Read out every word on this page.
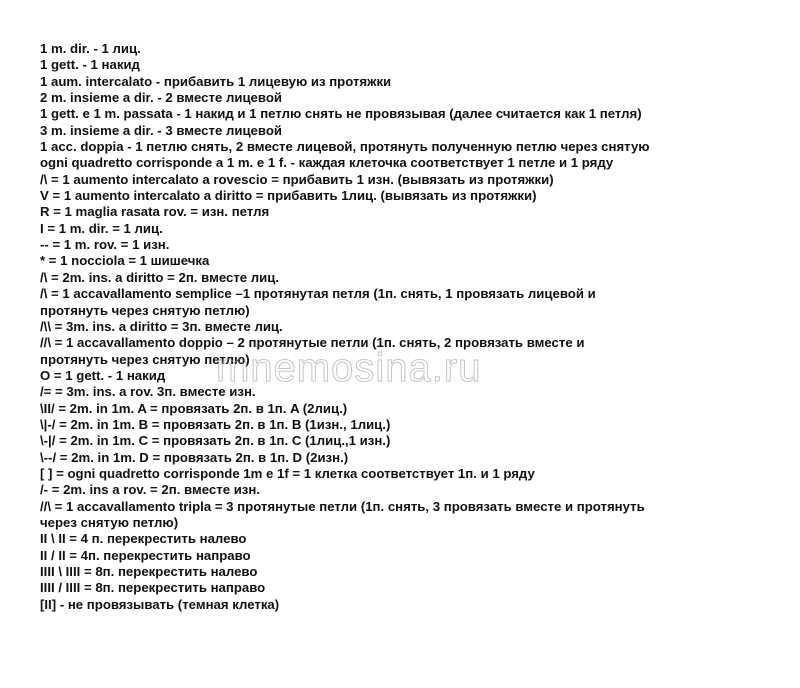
1 m. dir. - 1 лиц.
1 gett. - 1 накид
1 aum. intercalato - прибавить 1 лицевую из протяжки
2 m. insieme a dir. - 2 вместе лицевой
1 gett. e 1 m. passata - 1 накид и 1 петлю снять не провязывая (далее считается как 1 петля)
3 m. insieme a dir. - 3 вместе лицевой
1 acc. doppia - 1 петлю снять, 2 вместе лицевой, протянуть полученную петлю через снятую
ogni quadretto corrisponde a 1 m. e 1 f. - каждая клеточка соответствует 1 петле и 1 ряду
/\ = 1 aumento intercalato a rovescio = прибавить 1 изн. (вывязать из протяжки)
V = 1 aumento intercalato a diritto = прибавить 1лиц. (вывязать из протяжки)
R = 1 maglia rasata rov. = изн. петля
I = 1 m. dir. = 1 лиц.
-- = 1 m. rov. = 1 изн.
* = 1 nocciola = 1 шишечка
/\ = 2m. ins. a diritto = 2п. вместе лиц.
/\ = 1 accavallamento semplice –1 протянутая петля (1п. снять, 1 провязать лицевой и
протянуть через снятую петлю)
/\\ = 3m. ins. a diritto = 3п. вместе лиц.
//\ = 1 accavallamento doppio – 2 протянутые петли (1п. снять, 2 провязать вместе и
протянуть через снятую петлю)
O = 1 gett. - 1 накид
/= = 3m. ins. a rov. 3п. вместе изн.
\II/ = 2m. in 1m. A = провязать 2п. в 1п. A (2лиц.)
\|-/ = 2m. in 1m. B = провязать 2п. в 1п. B (1изн., 1лиц.)
\-|/ = 2m. in 1m. C = провязать 2п. в 1п. C (1лиц.,1 изн.)
\--/ = 2m. in 1m. D = провязать 2п. в 1п. D (2изн.)
[ ] = ogni quadretto corrisponde 1m e 1f = 1 клетка соответствует 1п. и 1 ряду
/- = 2m. ins a rov. = 2п. вместе изн.
//\ = 1 accavallamento tripla = 3 протянутые петли (1п. снять, 3 провязать вместе и протянуть
через снятую петлю)
II \ II = 4 п. перекрестить налево
II / II = 4п. перекрестить направо
IIII \ IIII = 8п. перекрестить налево
IIII / IIII = 8п. перекрестить направо
[II] - не провязывать (темная клетка)
mnemosina.ru
